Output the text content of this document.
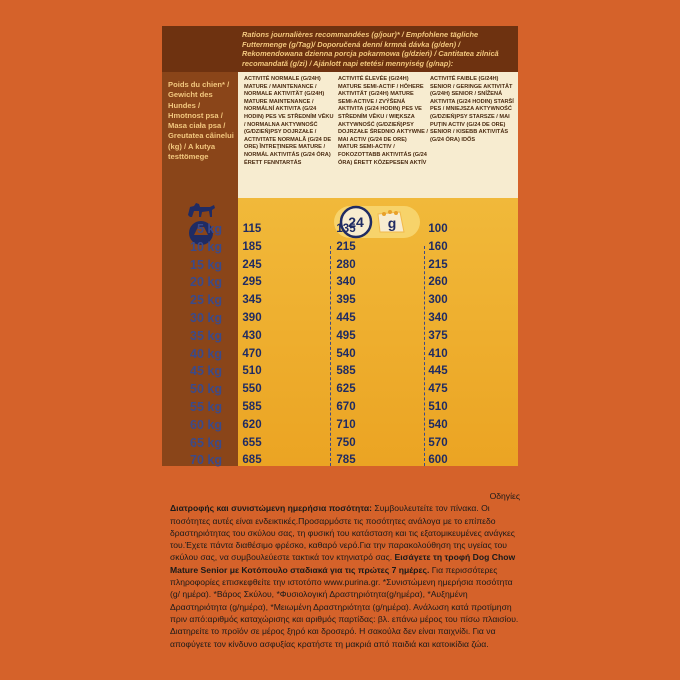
Rations journalières recommandées (g/jour)* / Empfohlene tägliche Futtermenge (g/Tag)/ Doporučená denní krmná dávka (g/den) / Rekomendowana dzienna porcja pokarmowa (g/dzień) / Cantitatea zilnică recomandată (g/zi) / Ajánlott napi etetési mennyiség (g/nap):
Poids du chien* / Gewicht des Hundes / Hmotnost psa / Masa ciała psa / Greutatea câinelui (kg) / A kutya testtömege
ACTIVITÉ NORMALE (G/24H) MATURE / MAINTENANCE / NORMALE AKTIVITÄT (G/24H) MATURE MAINTENANCE / NORMÁLNÍ AKTIVITA (G/24 HODIN) PES VE STŘEDNÍM VĚKU / NORMALNA AKTYWNOŚĆ (G/DZIEŃ)PSY DOJRZAŁE / ACTIVITATE NORMALĂ (G/24 DE ORE) ÎNTREȚINERE MATURE / NORMÁL AKTIVITÁS (G/24 ÓRA) ÉRETT FENNTARTÁS
ACTIVITÉ ÉLEVÉE (G/24H) MATURE SEMI-ACTIF / HÖHERE AKTIVITÄT (G/24H) MATURE SEMI-ACTIVE / ZVÝŠENÁ AKTIVITA (G/24 HODIN) PES VE STŘEDNÍM VĚKU / WIĘKSZA AKTYWNOŚĆ (G/DZIEŃ)PSY DOJRZAŁE ŚREDNIO AKTYWNE / MAI ACTIV (G/24 DE ORE) MATUR SEMI-ACTIV / FOKOZOTTABB AKTIVITÁS (G/24 ÓRA) ÉRETT KÖZEPESEN AKTÍV
ACTIVITÉ FAIBLE (G/24H) SENIOR / GERINGE AKTIVITÄT (G/24H) SENIOR / SNÍŽENÁ AKTIVITA (G/24 HODIN) STARŠÍ PES / MNIEJSZA AKTYWNOŚĆ (G/DZIEŃ)PSY STARSZE / MAI PUȚIN ACTIV (G/24 DE ORE) SENIOR / KISEBB AKTIVITÁS (G/24 ÓRA) IDŐS
24 g
5 kg	115	135	100
10 kg	185	215	160
15 kg	245	280	215
20 kg	295	340	260
25 kg	345	395	300
30 kg	390	445	340
35 kg	430	495	375
40 kg	470	540	410
45 kg	510	585	445
50 kg	550	625	475
55 kg	585	670	510
60 kg	620	710	540
65 kg	655	750	570
70 kg	685	785	600
Οδηγίες
Διατροφής και συνιστώμενη ημερήσια ποσότητα: Συμβουλευτείτε τον πίνακα. Οι ποσότητες αυτές είναι ενδεικτικές.Προσαρμόστε τις ποσότητες ανάλογα με το επίπεδο δραστηριότητας του σκύλου σας, τη φυσική του κατάσταση και τις εξατομικευμένες ανάγκες του.Έχετε πάντα διαθέσιμο φρέσκο, καθαρό νερό.Για την παρακολούθηση της υγείας του σκύλου σας, να συμβουλεύεστε τακτικά τον κτηνιατρό σας. Εισάγετε τη τροφή Dog Chow Mature Senior με Κοτόπουλο σταδιακά για τις πρώτες 7 ημέρες. Για περισσότερες πληροφορίες επισκεφθείτε την ιστοτόπο www.purina.gr. *Συνιστώμενη ημερήσια ποσότητα (g/ ημέρα). *Βάρος Σκύλου, *Φυσιολογική Δραστηριότητα(g/ημέρα), *Αυξημένη Δραστηριότητα (g/ημέρα), *Μειωμένη Δραστηριότητα (g/ημέρα). Ανάλωση κατά προτίμηση πριν από:αριθμός καταχώρισης και αριθμός παρτίδας: βλ. επάνω μέρος του πίσω πλαισίου. Διατηρείτε το προϊόν σε μέρος ξηρό και δροσερό. Η σακούλα δεν είναι παιχνίδι. Για να αποφύγετε τον κίνδυνο ασφυξίας κρατήστε τη μακριά από παιδιά και κατοικίδια ζώα.
